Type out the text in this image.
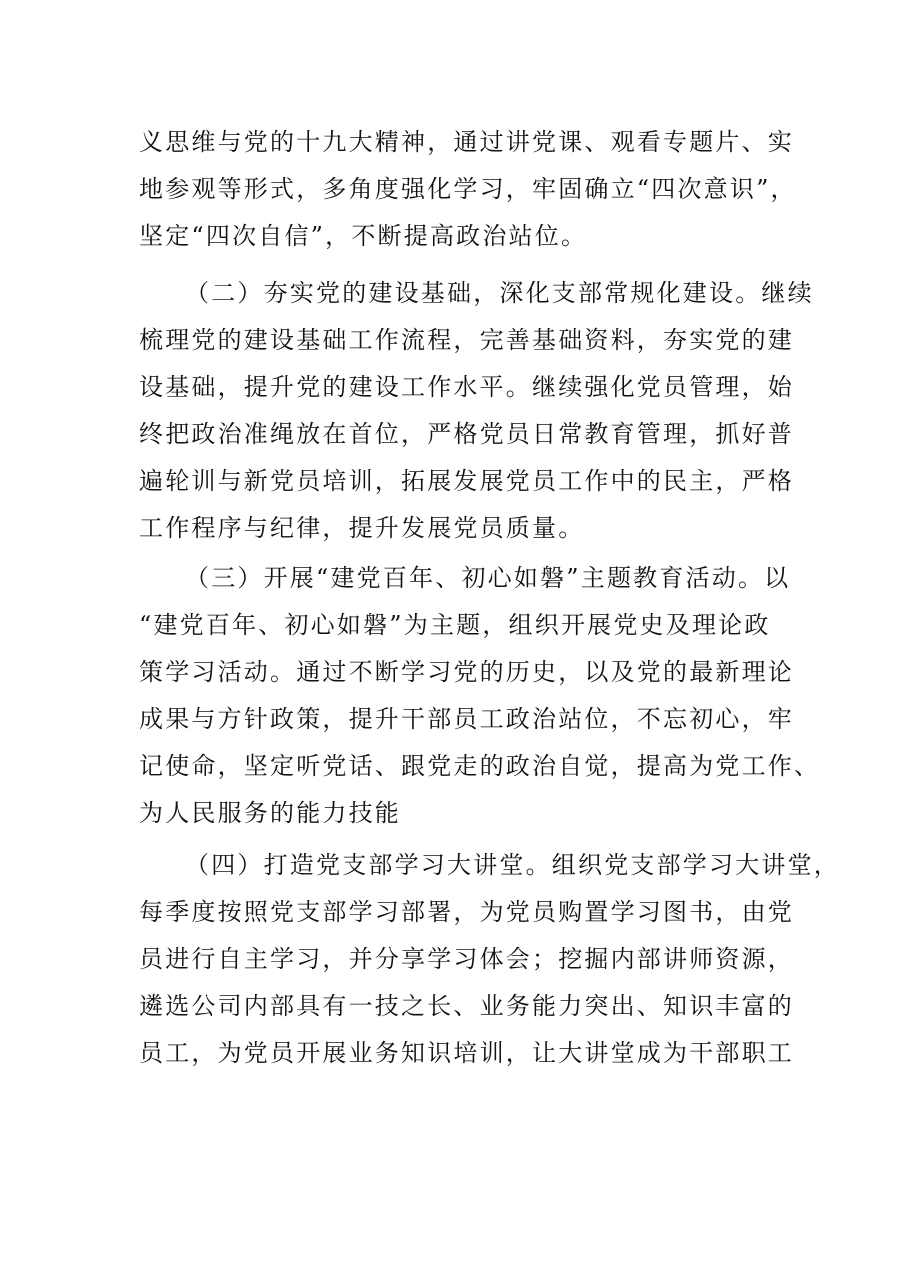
义思维与党的十九大精神，通过讲党课、观看专题片、实
地参观等形式，多角度强化学习，牢固确立“四次意识”，
坚定“四次自信”，不断提高政治站位。
（二）夯实党的建设基础，深化支部常规化建设。继续
梳理党的建设基础工作流程，完善基础资料，夯实党的建
设基础，提升党的建设工作水平。继续强化党员管理，始
终把政治准绳放在首位，严格党员日常教育管理，抓好普
遍轮训与新党员培训，拓展发展党员工作中的民主，严格
工作程序与纪律，提升发展党员质量。
（三）开展“建党百年、初心如磐”主题教育活动。以
“建党百年、初心如磐”为主题，组织开展党史及理论政
策学习活动。通过不断学习党的历史，以及党的最新理论
成果与方针政策，提升干部员工政治站位，不忘初心，牢
记使命，坚定听党话、跟党走的政治自觉，提高为党工作、
为人民服务的能力技能
（四）打造党支部学习大讲堂。组织党支部学习大讲堂，
每季度按照党支部学习部署，为党员购置学习图书，由党
员进行自主学习，并分享学习体会；挖掘内部讲师资源，
遴选公司内部具有一技之长、业务能力突出、知识丰富的
员工，为党员开展业务知识培训，让大讲堂成为干部职工
